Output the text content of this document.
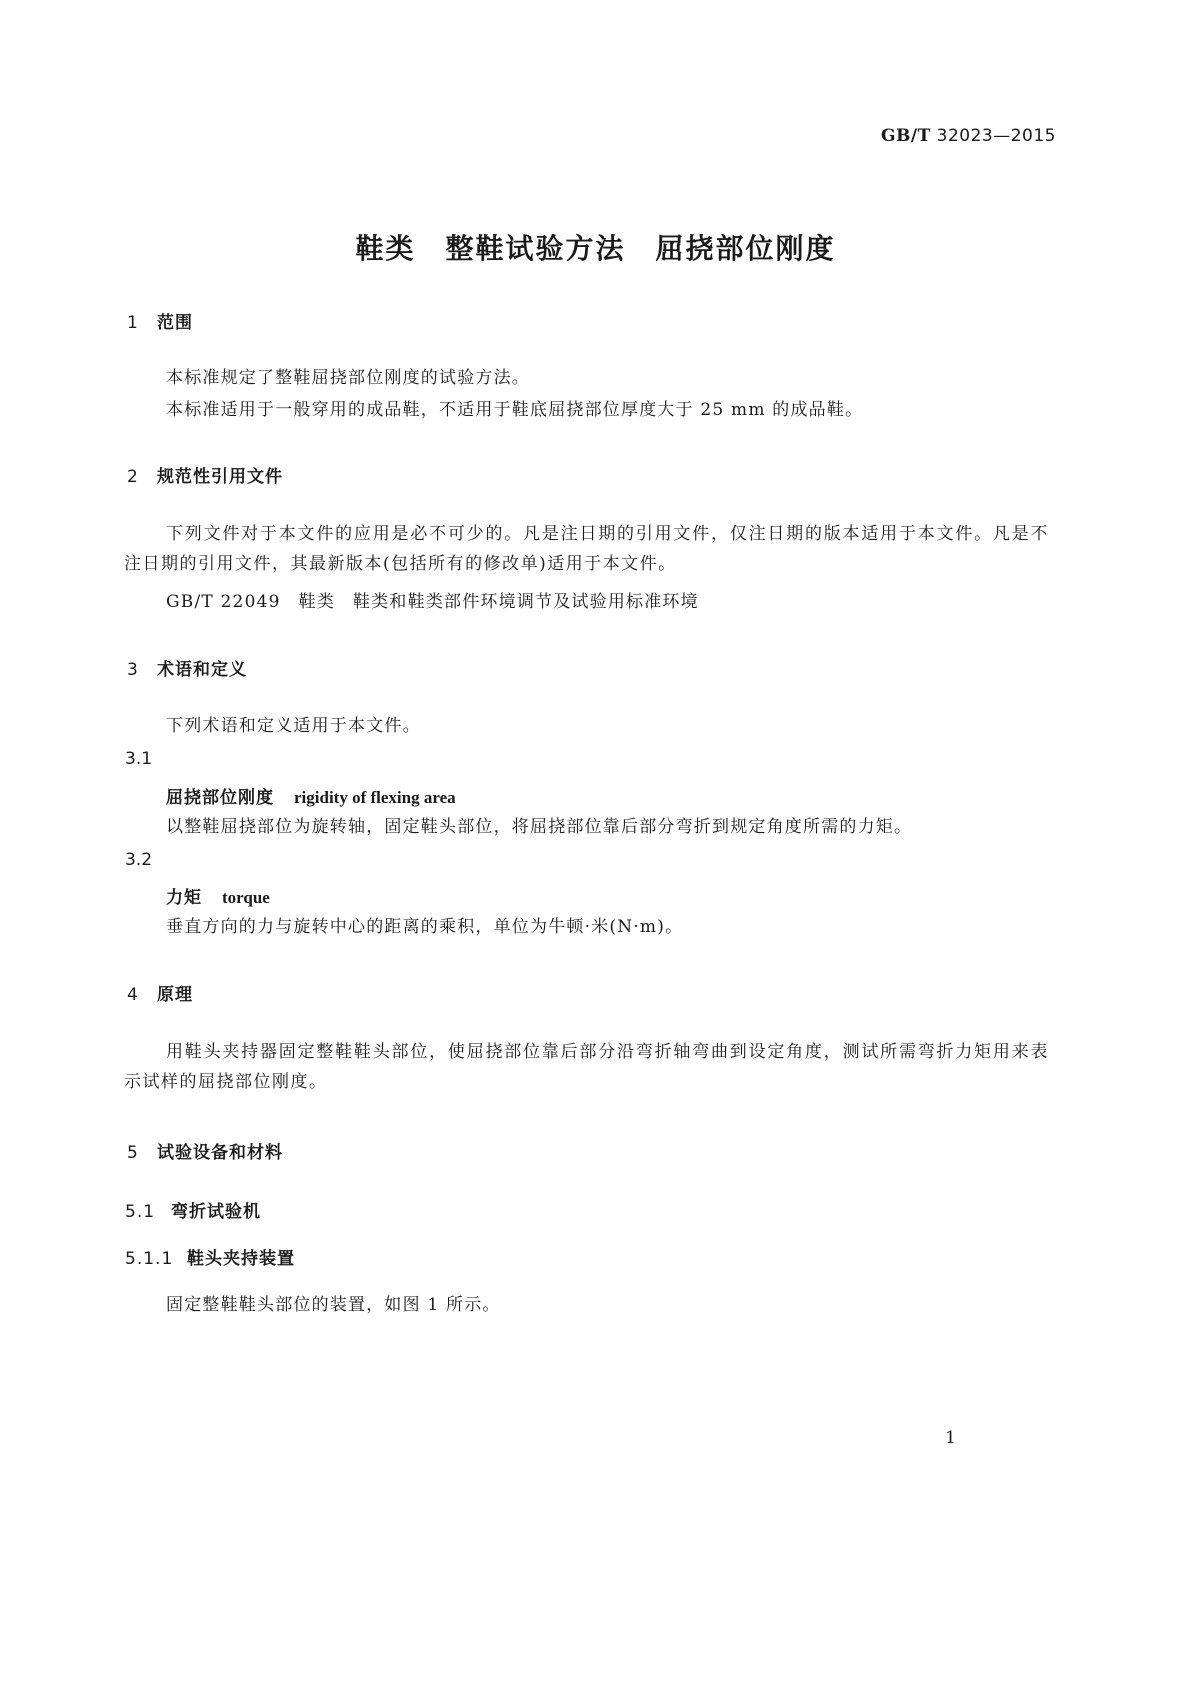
GB/T 32023—2015
鞋类 整鞋试验方法 屈挠部位刚度
1 范围
本标准规定了整鞋屈挠部位刚度的试验方法。
本标准适用于一般穿用的成品鞋，不适用于鞋底屈挠部位厚度大于 25 mm 的成品鞋。
2 规范性引用文件
下列文件对于本文件的应用是必不可少的。凡是注日期的引用文件，仅注日期的版本适用于本文件。凡是不注日期的引用文件，其最新版本(包括所有的修改单)适用于本文件。
GB/T 22049 鞋类 鞋类和鞋类部件环境调节及试验用标准环境
3 术语和定义
下列术语和定义适用于本文件。
3.1
屈挠部位刚度 rigidity of flexing area
以整鞋屈挠部位为旋转轴，固定鞋头部位，将屈挠部位靠后部分弯折到规定角度所需的力矩。
3.2
力矩 torque
垂直方向的力与旋转中心的距离的乘积，单位为牛顿·米(N·m)。
4 原理
用鞋头夹持器固定整鞋鞋头部位，使屈挠部位靠后部分沿弯折轴弯曲到设定角度，测试所需弯折力矩用来表示试样的屈挠部位刚度。
5 试验设备和材料
5.1 弯折试验机
5.1.1 鞋头夹持装置
固定整鞋鞋头部位的装置，如图 1 所示。
1
